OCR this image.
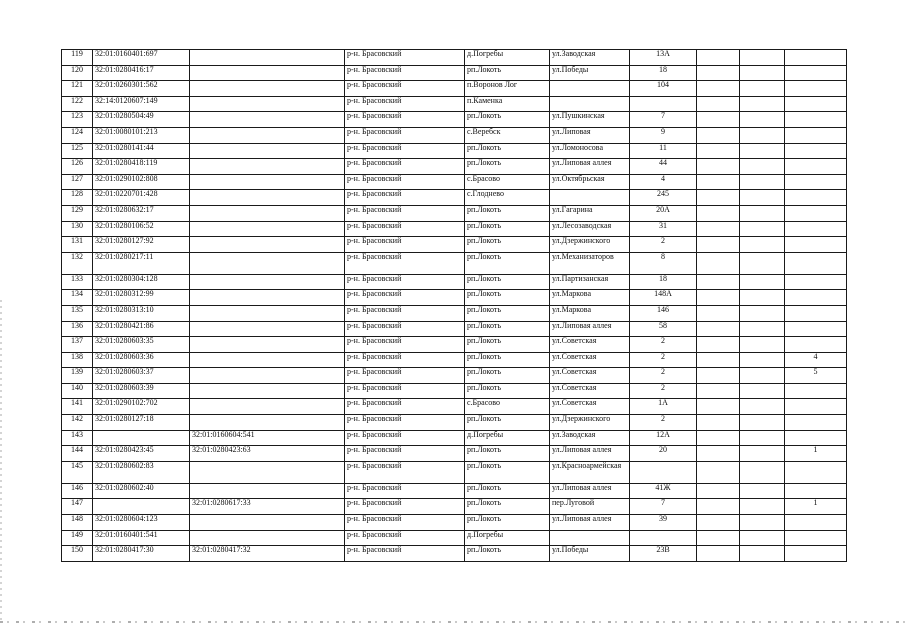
119	32:01:0160401:697		р-н. Брасовский	д.Погребы	ул.Заводская	13А			
120	32:01:0280416:17		р-н. Брасовский	рп.Локоть	ул.Победы	18			
121	32:01:0260301:562		р-н. Брасовский	п.Воронов Лог		104			
122	32:14:0120607:149		р-н. Брасовский	п.Каменка					
123	32:01:0280504:49		р-н. Брасовский	рп.Локоть	ул.Пушкинская	7			
124	32:01:0080101:213		р-н. Брасовский	с.Веребск	ул.Липовая	9			
125	32:01:0280141:44		р-н. Брасовский	рп.Локоть	ул.Ломоносова	11			
126	32:01:0280418:119		р-н. Брасовский	рп.Локоть	ул.Липовая аллея	44			
127	32:01:0290102:808		р-н. Брасовский	с.Брасово	ул.Октябрьская	4			
128	32:01:0220701:428		р-н. Брасовский	с.Глоднево		245			
129	32:01:0280632:17		р-н. Брасовский	рп.Локоть	ул.Гагарина	20А			
130	32:01:0280106:52		р-н. Брасовский	рп.Локоть	ул.Лесозаводская	31			
131	32:01:0280127:92		р-н. Брасовский	рп.Локоть	ул.Дзержинского	2			
132	32:01:0280217:11		р-н. Брасовский	рп.Локоть	ул.Механизаторов	8			
133	32:01:0280304:128		р-н. Брасовский	рп.Локоть	ул.Партизанская	18			
134	32:01:0280312:99		р-н. Брасовский	рп.Локоть	ул.Маркова	148А			
135	32:01:0280313:10		р-н. Брасовский	рп.Локоть	ул.Маркова	146			
136	32:01:0280421:86		р-н. Брасовский	рп.Локоть	ул.Липовая аллея	58			
137	32:01:0280603:35		р-н. Брасовский	рп.Локоть	ул.Советская	2			
138	32:01:0280603:36		р-н. Брасовский	рп.Локоть	ул.Советская	2			4
139	32:01:0280603:37		р-н. Брасовский	рп.Локоть	ул.Советская	2			5
140	32:01:0280603:39		р-н. Брасовский	рп.Локоть	ул.Советская	2			
141	32:01:0290102:702		р-н. Брасовский	с.Брасово	ул.Советская	1А			
142	32:01:0280127:18		р-н. Брасовский	рп.Локоть	ул.Дзержинского	2			
143		32:01:0160604:541	р-н. Брасовский	д.Погребы	ул.Заводская	12А			
144	32:01:0280423:45	32:01:0280423:63	р-н. Брасовский	рп.Локоть	ул.Липовая аллея	20			1
145	32:01:0280602:83		р-н. Брасовский	рп.Локоть	ул.Красноармейская				
146	32:01:0280602:40		р-н. Брасовский	рп.Локоть	ул.Липовая аллея	41Ж			
147		32:01:0280617:33	р-н. Брасовский	рп.Локоть	пер.Луговой	7			1
148	32:01:0280604:123		р-н. Брасовский	рп.Локоть	ул.Липовая аллея	39			
149	32:01:0160401:541		р-н. Брасовский	д.Погребы					
150	32:01:0280417:30	32:01:0280417:32	р-н. Брасовский	рп.Локоть	ул.Победы	23В			
